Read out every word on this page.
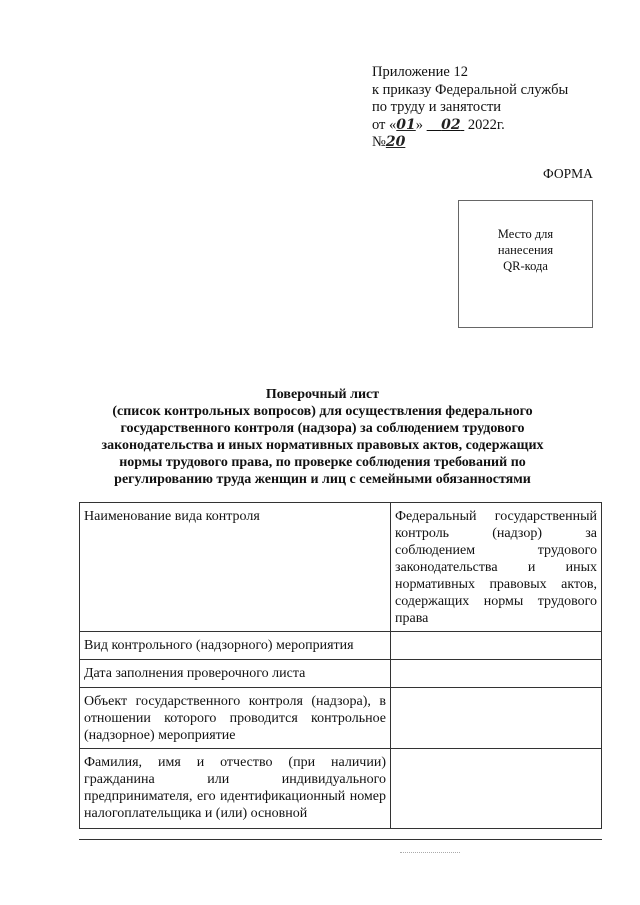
Приложение 12
к приказу Федеральной службы
по труду и занятости
от «01»     02  2022г.
№20
ФОРМА
Место для
нанесения
QR-кода
Поверочный лист
(список контрольных вопросов) для осуществления федерального
государственного контроля (надзора) за соблюдением трудового
законодательства и иных нормативных правовых актов, содержащих
нормы трудового права, по проверке соблюдения требований по
регулированию труда женщин и лиц с семейными обязанностями
Наименование вида контроля	Федеральный государственный контроль (надзор) за соблюдением трудового законодательства и иных нормативных правовых актов, содержащих нормы трудового права
Вид контрольного (надзорного) мероприятия	
Дата заполнения проверочного листа	
Объект государственного контроля (надзора), в отношении которого проводится контрольное (надзорное) мероприятие	
Фамилия, имя и отчество (при наличии) гражданина или индивидуального предпринимателя, его идентификационный номер налогоплательщика и (или) основной	
